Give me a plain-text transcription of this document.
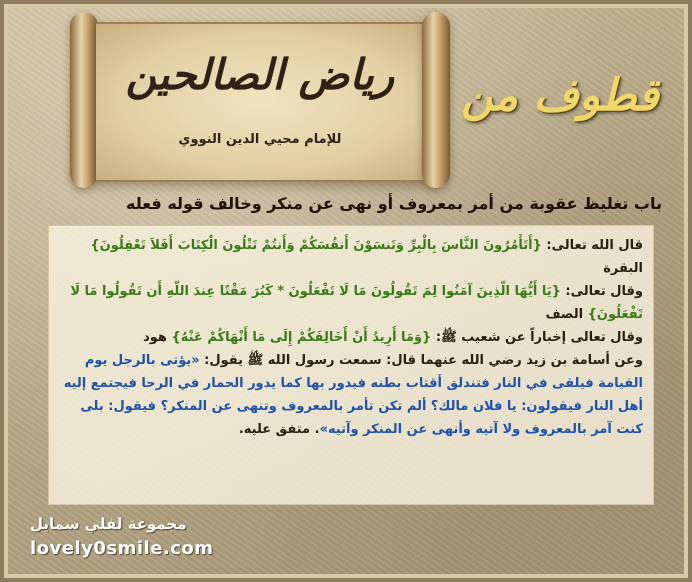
رياض الصالحين
للإمام محيي الدين النووي
قطوف من
باب تغليظ عقوبة من أمر بمعروف أو نهى عن منكر وخالف قوله فعله

قال الله تعالى: {أَتَأْمُرُونَ النَّاسَ بِالْبِرِّ وَتَنسَوْنَ أَنفُسَكُمْ وَأَنتُمْ تَتْلُونَ الْكِتَابَ أَفَلاَ تَعْقِلُونَ} البقرة

وقال تعالى: {يَا أَيُّهَا الَّذِينَ آمَنُوا لِمَ تَقُولُونَ مَا لَا تَفْعَلُونَ * كَبُرَ مَقْتًا عِندَ اللَّهِ أَن تَقُولُوا مَا لَا تَفْعَلُونَ} الصف

وقال تعالى إخباراً عن شعيب ﷺ: {وَمَا أُرِيدُ أَنْ أُخَالِفَكُمْ إِلَى مَا أَنْهَاكُمْ عَنْهُ} هود

وعن أسامة بن زيد رضي الله عنهما قال: سمعت رسول الله ﷺ يقول: «يؤتى بالرجل يوم القيامة فيلقى في النار فتندلق أقتاب بطنه فيدور بها كما يدور الحمار في الرحا فيجتمع إليه أهل النار فيقولون: يا فلان مالك؟ ألم تكن تأمر بالمعروف وتنهى عن المنكر؟ فيقول: بلى كنت آمر بالمعروف ولا آتيه وأنهى عن المنكر وآتيه». متفق عليه.

مجموعة لفلي سمايل
lovely0smile.com
